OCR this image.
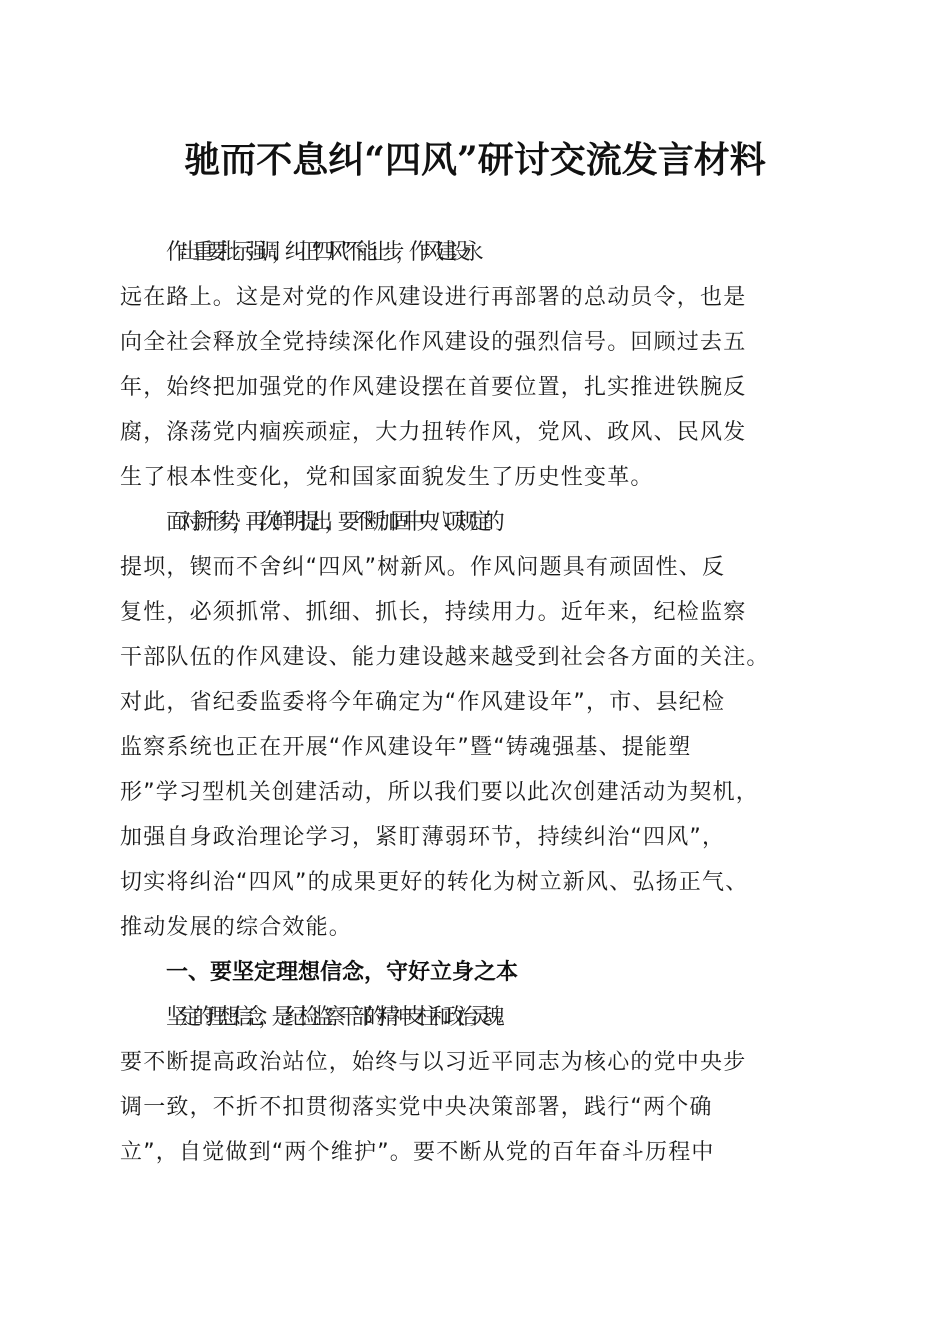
驰而不息纠“四风”研讨交流发言材料
作出重要批示强调，纠正“四风”不能止步，作风建设永
远在路上。这是对党的作风建设进行再部署的总动员令，也是
向全社会释放全党持续深化作风建设的强烈信号。回顾过去五
年，始终把加强党的作风建设摆在首要位置，扎实推进铁腕反
腐，涤荡党内痼疾顽症，大力扭转作风，党风、政风、民风发
生了根本性变化，党和国家面貌发生了历史性变革。
面对新形势，再次鲜明提出，要不断加固中央八项规定的
提坝，锲而不舍纠“四风”树新风。作风问题具有顽固性、反
复性，必须抓常、抓细、抓长，持续用力。近年来，纪检监察
干部队伍的作风建设、能力建设越来越受到社会各方面的关注。
对此，省纪委监委将今年确定为“作风建设年”，市、县纪检
监察系统也正在开展“作风建设年”暨“铸魂强基、提能塑
形”学习型机关创建活动，所以我们要以此次创建活动为契机，
加强自身政治理论学习，紧盯薄弱环节，持续纠治“四风”，
切实将纠治“四风”的成果更好的转化为树立新风、弘扬正气、
推动发展的综合效能。
一、要坚定理想信念，守好立身之本
坚定的理想信念，是纪检监察干部的精神支柱和政治灵魂
要不断提高政治站位，始终与以习近平同志为核心的党中央步
调一致，不折不扣贯彻落实党中央决策部署，践行“两个确
立”，自觉做到“两个维护”。要不断从党的百年奋斗历程中
